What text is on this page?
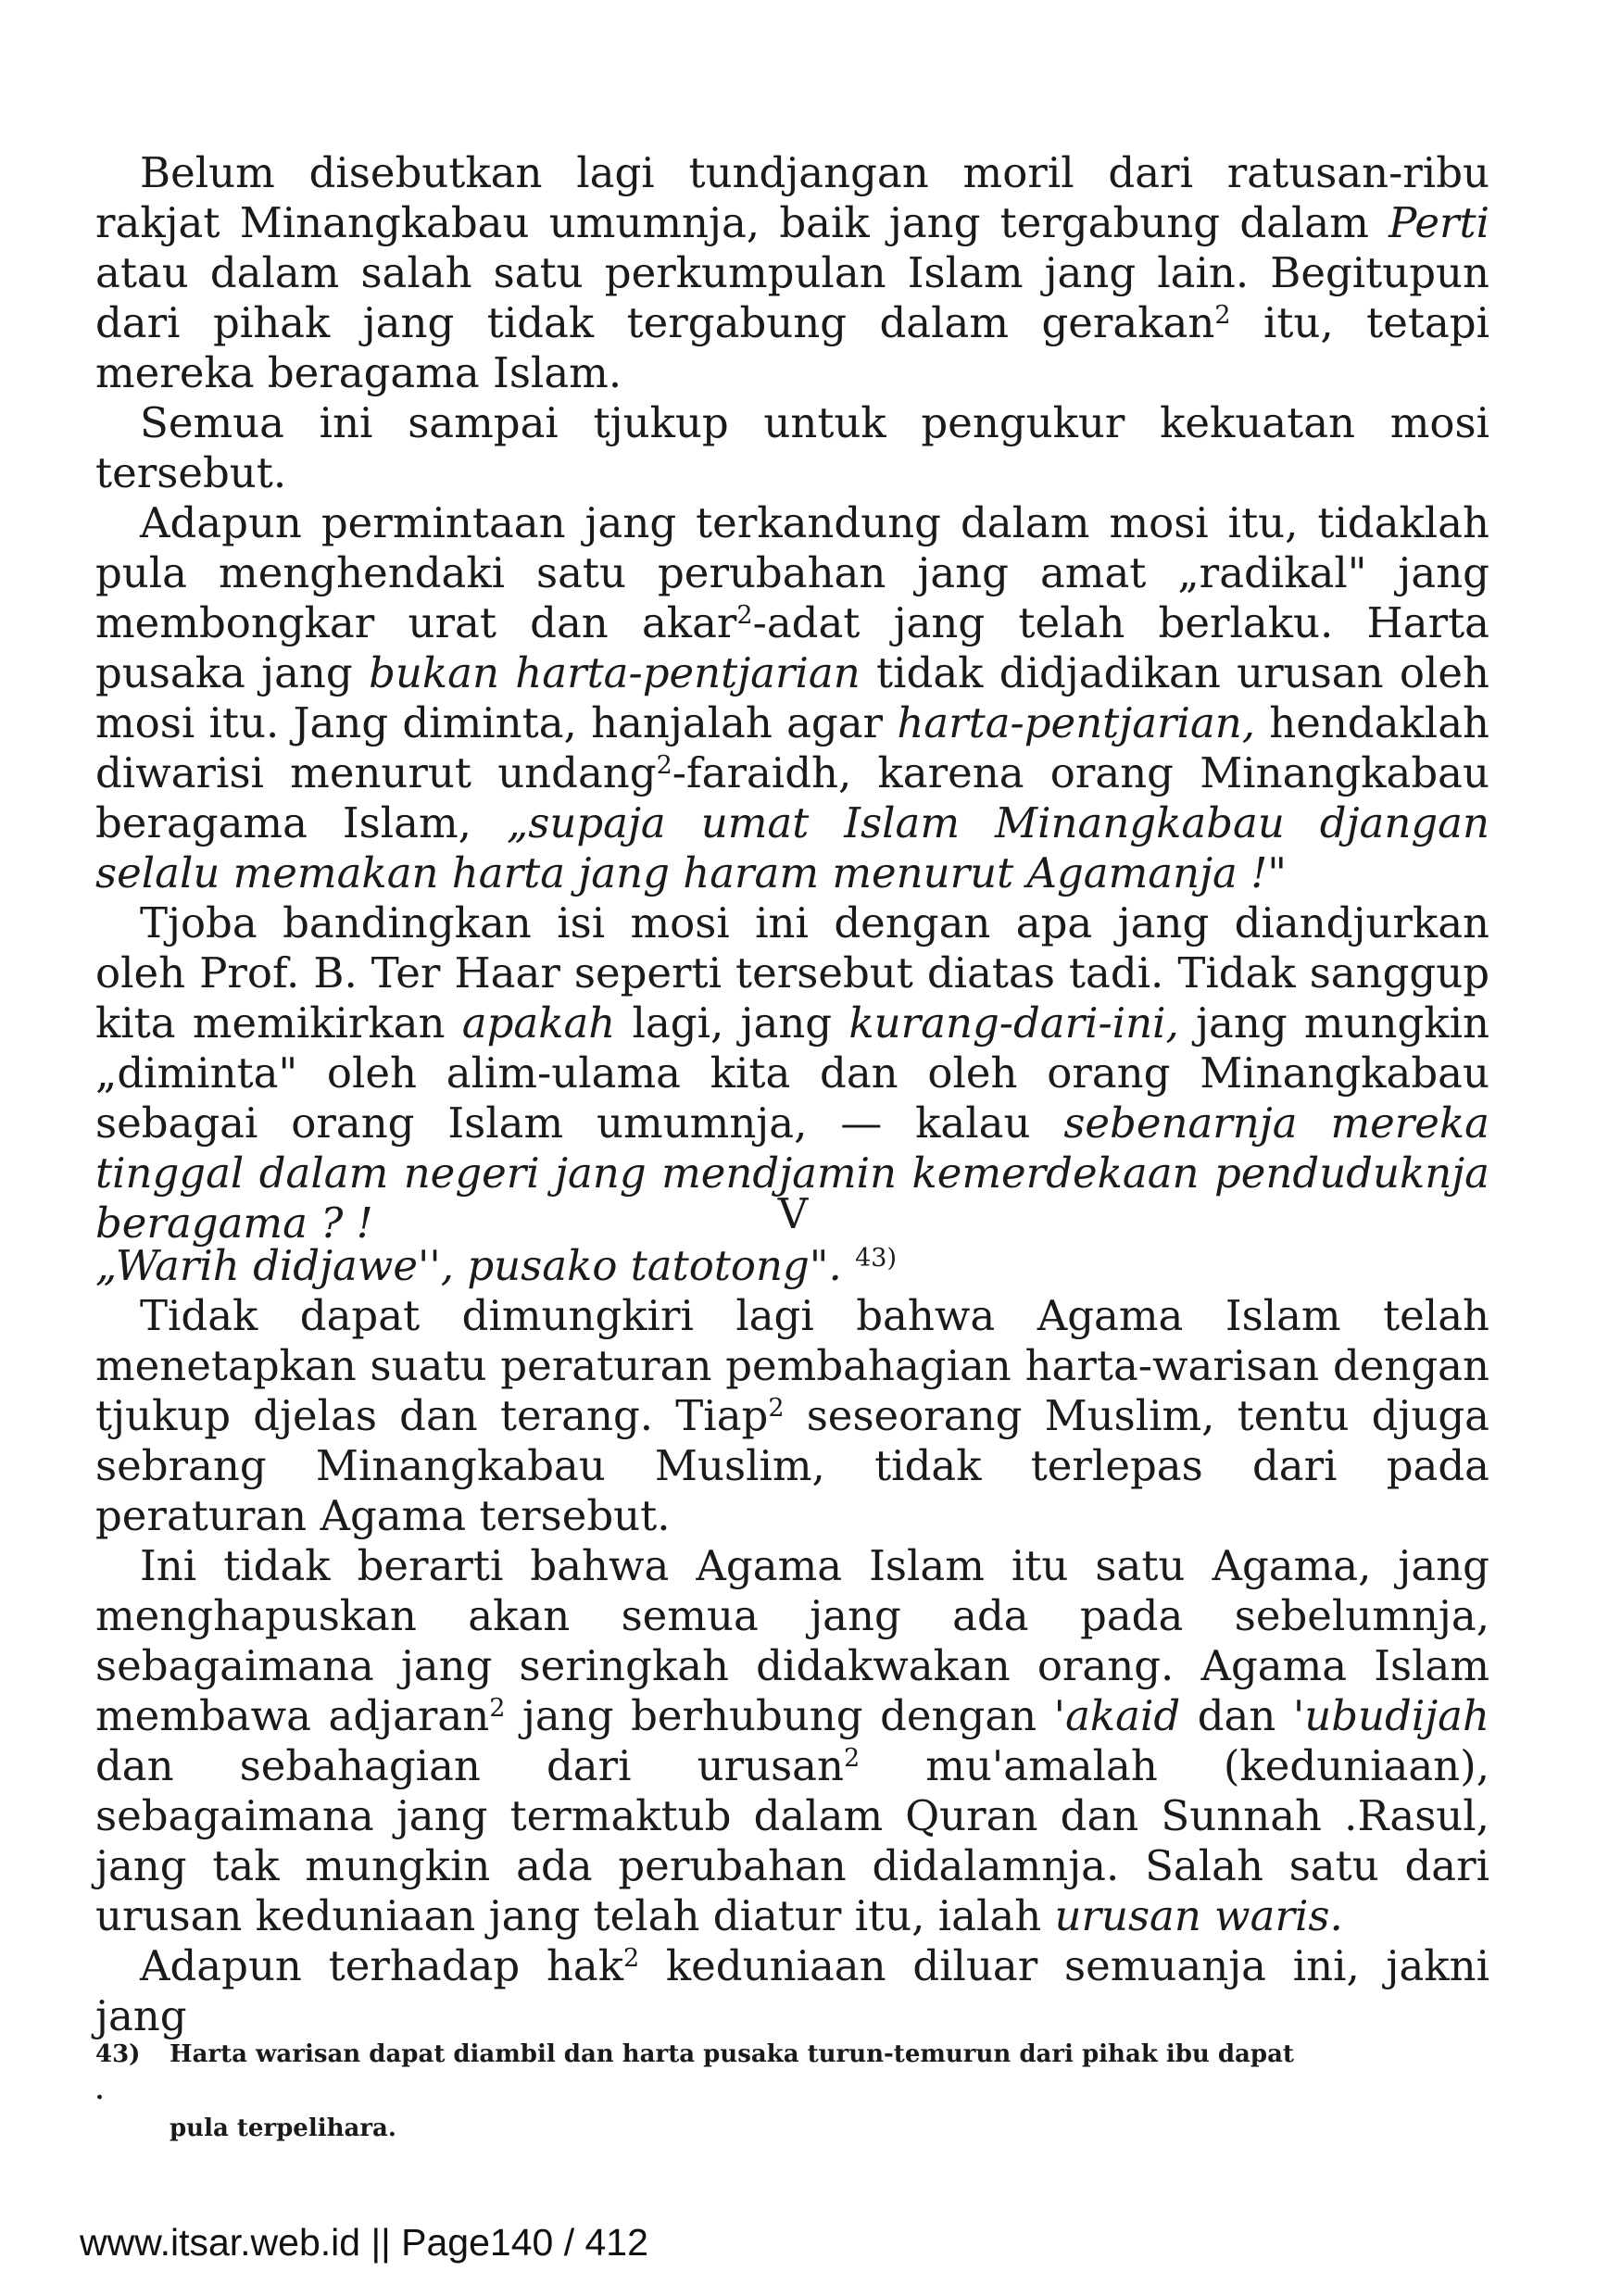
Belum disebutkan lagi tundjangan moril dari ratusan-ribu rakjat Minangkabau umumnja, baik jang tergabung dalam Perti atau dalam salah satu perkumpulan Islam jang lain. Begitupun dari pihak jang tidak tergabung dalam gerakan$^2$ itu, tetapi mereka beragama Islam.

Semua ini sampai tjukup untuk pengukur kekuatan mosi tersebut.

Adapun permintaan jang terkandung dalam mosi itu, tidaklah pula menghendaki satu perubahan jang amat „radikal" jang membongkar urat dan akar$^2$-adat jang telah berlaku. Harta pusaka jang bukan harta-pentjarian tidak didjadikan urusan oleh mosi itu. Jang diminta, hanjalah agar harta-pentjarian, hendaklah diwarisi menurut undang$^2$-faraidh, karena orang Minangkabau beragama Islam, „supaja umat Islam Minangkabau djangan selalu memakan harta jang haram menurut Agamanja !"

Tjoba bandingkan isi mosi ini dengan apa jang diandjurkan oleh Prof. B. Ter Haar seperti tersebut diatas tadi. Tidak sanggup kita memikirkan apakah lagi, jang kurang-dari-ini, jang mungkin „diminta" oleh alim-ulama kita dan oleh orang Minangkabau sebagai orang Islam umumnja, — kalau sebenarnja mereka tinggal dalam negeri jang mendjamin kemerdekaan penduduknja beragama ? !	V
„Warih didjawe'', pusako tatotong". $^{43)}$

Tidak dapat dimungkiri lagi bahwa Agama Islam telah menetapkan suatu peraturan pembahagian harta-warisan dengan tjukup djelas dan terang. Tiap$^2$ seseorang Muslim, tentu djuga sebrang Minangkabau Muslim, tidak terlepas dari pada peraturan Agama tersebut.

Ini tidak berarti bahwa Agama Islam itu satu Agama, jang menghapuskan akan semua jang ada pada sebelumnja, sebagaimana jang seringkah didakwakan orang. Agama Islam membawa adjaran$^2$ jang berhubung dengan 'akaid dan 'ubudijah dan sebahagian dari urusan$^2$ mu'amalah (keduniaan), sebagaimana jang termaktub dalam Quran dan Sunnah .Rasul, jang tak mungkin ada perubahan didalamnja. Salah satu dari urusan keduniaan jang telah diatur itu, ialah urusan waris.

Adapun terhadap hak$^2$ keduniaan diluar semuanja ini, jakni jang

43) Harta warisan dapat diambil dan harta pusaka turun-temurun dari pihak ibu dapat .
pula terpelihara.
www.itsar.web.id || Page140 / 412
